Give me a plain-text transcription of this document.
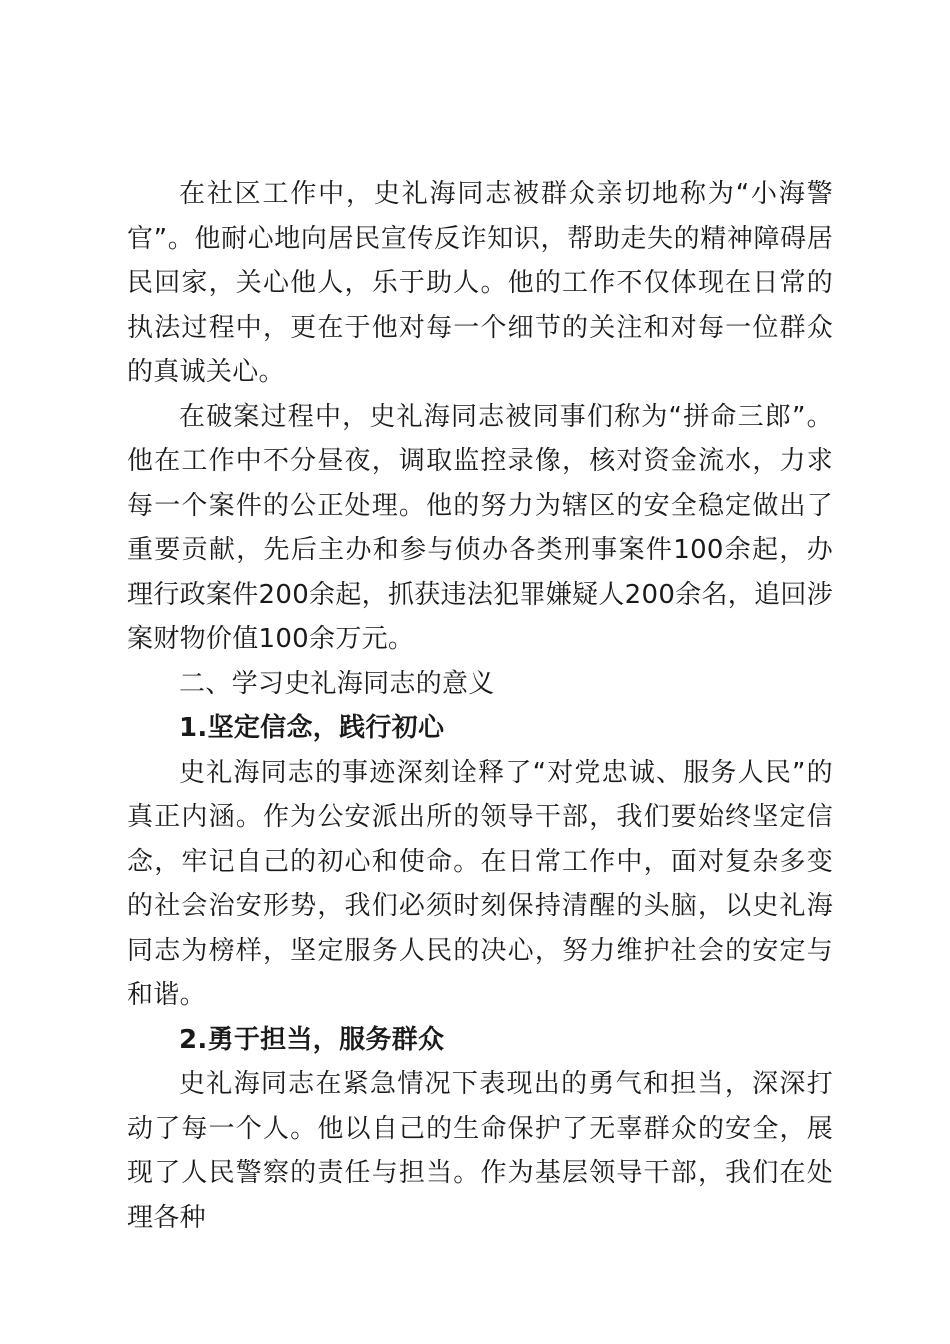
在社区工作中，史礼海同志被群众亲切地称为“小海警官”。他耐心地向居民宣传反诈知识，帮助走失的精神障碍居民回家，关心他人，乐于助人。他的工作不仅体现在日常的执法过程中，更在于他对每一个细节的关注和对每一位群众的真诚关心。

在破案过程中，史礼海同志被同事们称为“拼命三郎”。他在工作中不分昼夜，调取监控录像，核对资金流水，力求每一个案件的公正处理。他的努力为辖区的安全稳定做出了重要贡献，先后主办和参与侦办各类刑事案件100余起，办理行政案件200余起，抓获违法犯罪嫌疑人200余名，追回涉案财物价值100余万元。

二、学习史礼海同志的意义

1.坚定信念，践行初心

史礼海同志的事迹深刻诠释了“对党忠诚、服务人民”的真正内涵。作为公安派出所的领导干部，我们要始终坚定信念，牢记自己的初心和使命。在日常工作中，面对复杂多变的社会治安形势，我们必须时刻保持清醒的头脑，以史礼海同志为榜样，坚定服务人民的决心，努力维护社会的安定与和谐。

2.勇于担当，服务群众

史礼海同志在紧急情况下表现出的勇气和担当，深深打动了每一个人。他以自己的生命保护了无辜群众的安全，展现了人民警察的责任与担当。作为基层领导干部，我们在处理各种
